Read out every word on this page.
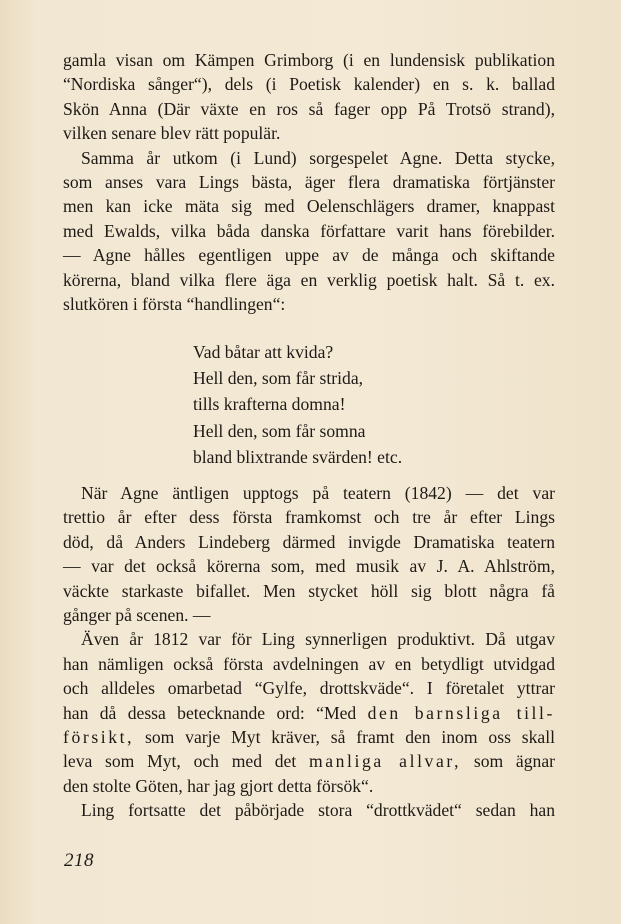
gamla visan om Kämpen Grimborg (i en lundensisk publikation
“Nordiska sånger“), dels (i Poetisk kalender) en s. k. ballad
Skön Anna (Där växte en ros så fager opp På Trotsö strand),
vilken senare blev rätt populär.
Samma år utkom (i Lund) sorgespelet Agne. Detta stycke,
som anses vara Lings bästa, äger flera dramatiska förtjänster
men kan icke mäta sig med Oelenschlägers dramer, knappast
med Ewalds, vilka båda danska författare varit hans förebilder.
— Agne hålles egentligen uppe av de många och skiftande
körerna, bland vilka flere äga en verklig poetisk halt. Så t. ex.
slutkören i första “handlingen“:
Vad båtar att kvida?
Hell den, som får strida,
tills krafterna domna!
Hell den, som får somna
bland blixtrande svärden! etc.
När Agne äntligen upptogs på teatern (1842) — det var
trettio år efter dess första framkomst och tre år efter Lings
död, då Anders Lindeberg därmed invigde Dramatiska teatern
— var det också körerna som, med musik av J. A. Ahlström,
väckte starkaste bifallet. Men stycket höll sig blott några få
gånger på scenen. —
Även år 1812 var för Ling synnerligen produktivt. Då utgav
han nämligen också första avdelningen av en betydligt utvidgad
och alldeles omarbetad “Gylfe, drottskväde“. I företalet yttrar
han då dessa betecknande ord: “Med den barnsliga till-
försikt, som varje Myt kräver, så framt den inom oss skall
leva som Myt, och med det manliga allvar, som ägnar
den stolte Göten, har jag gjort detta försök“.
Ling fortsatte det påbörjade stora “drottkvädet“ sedan han
218
